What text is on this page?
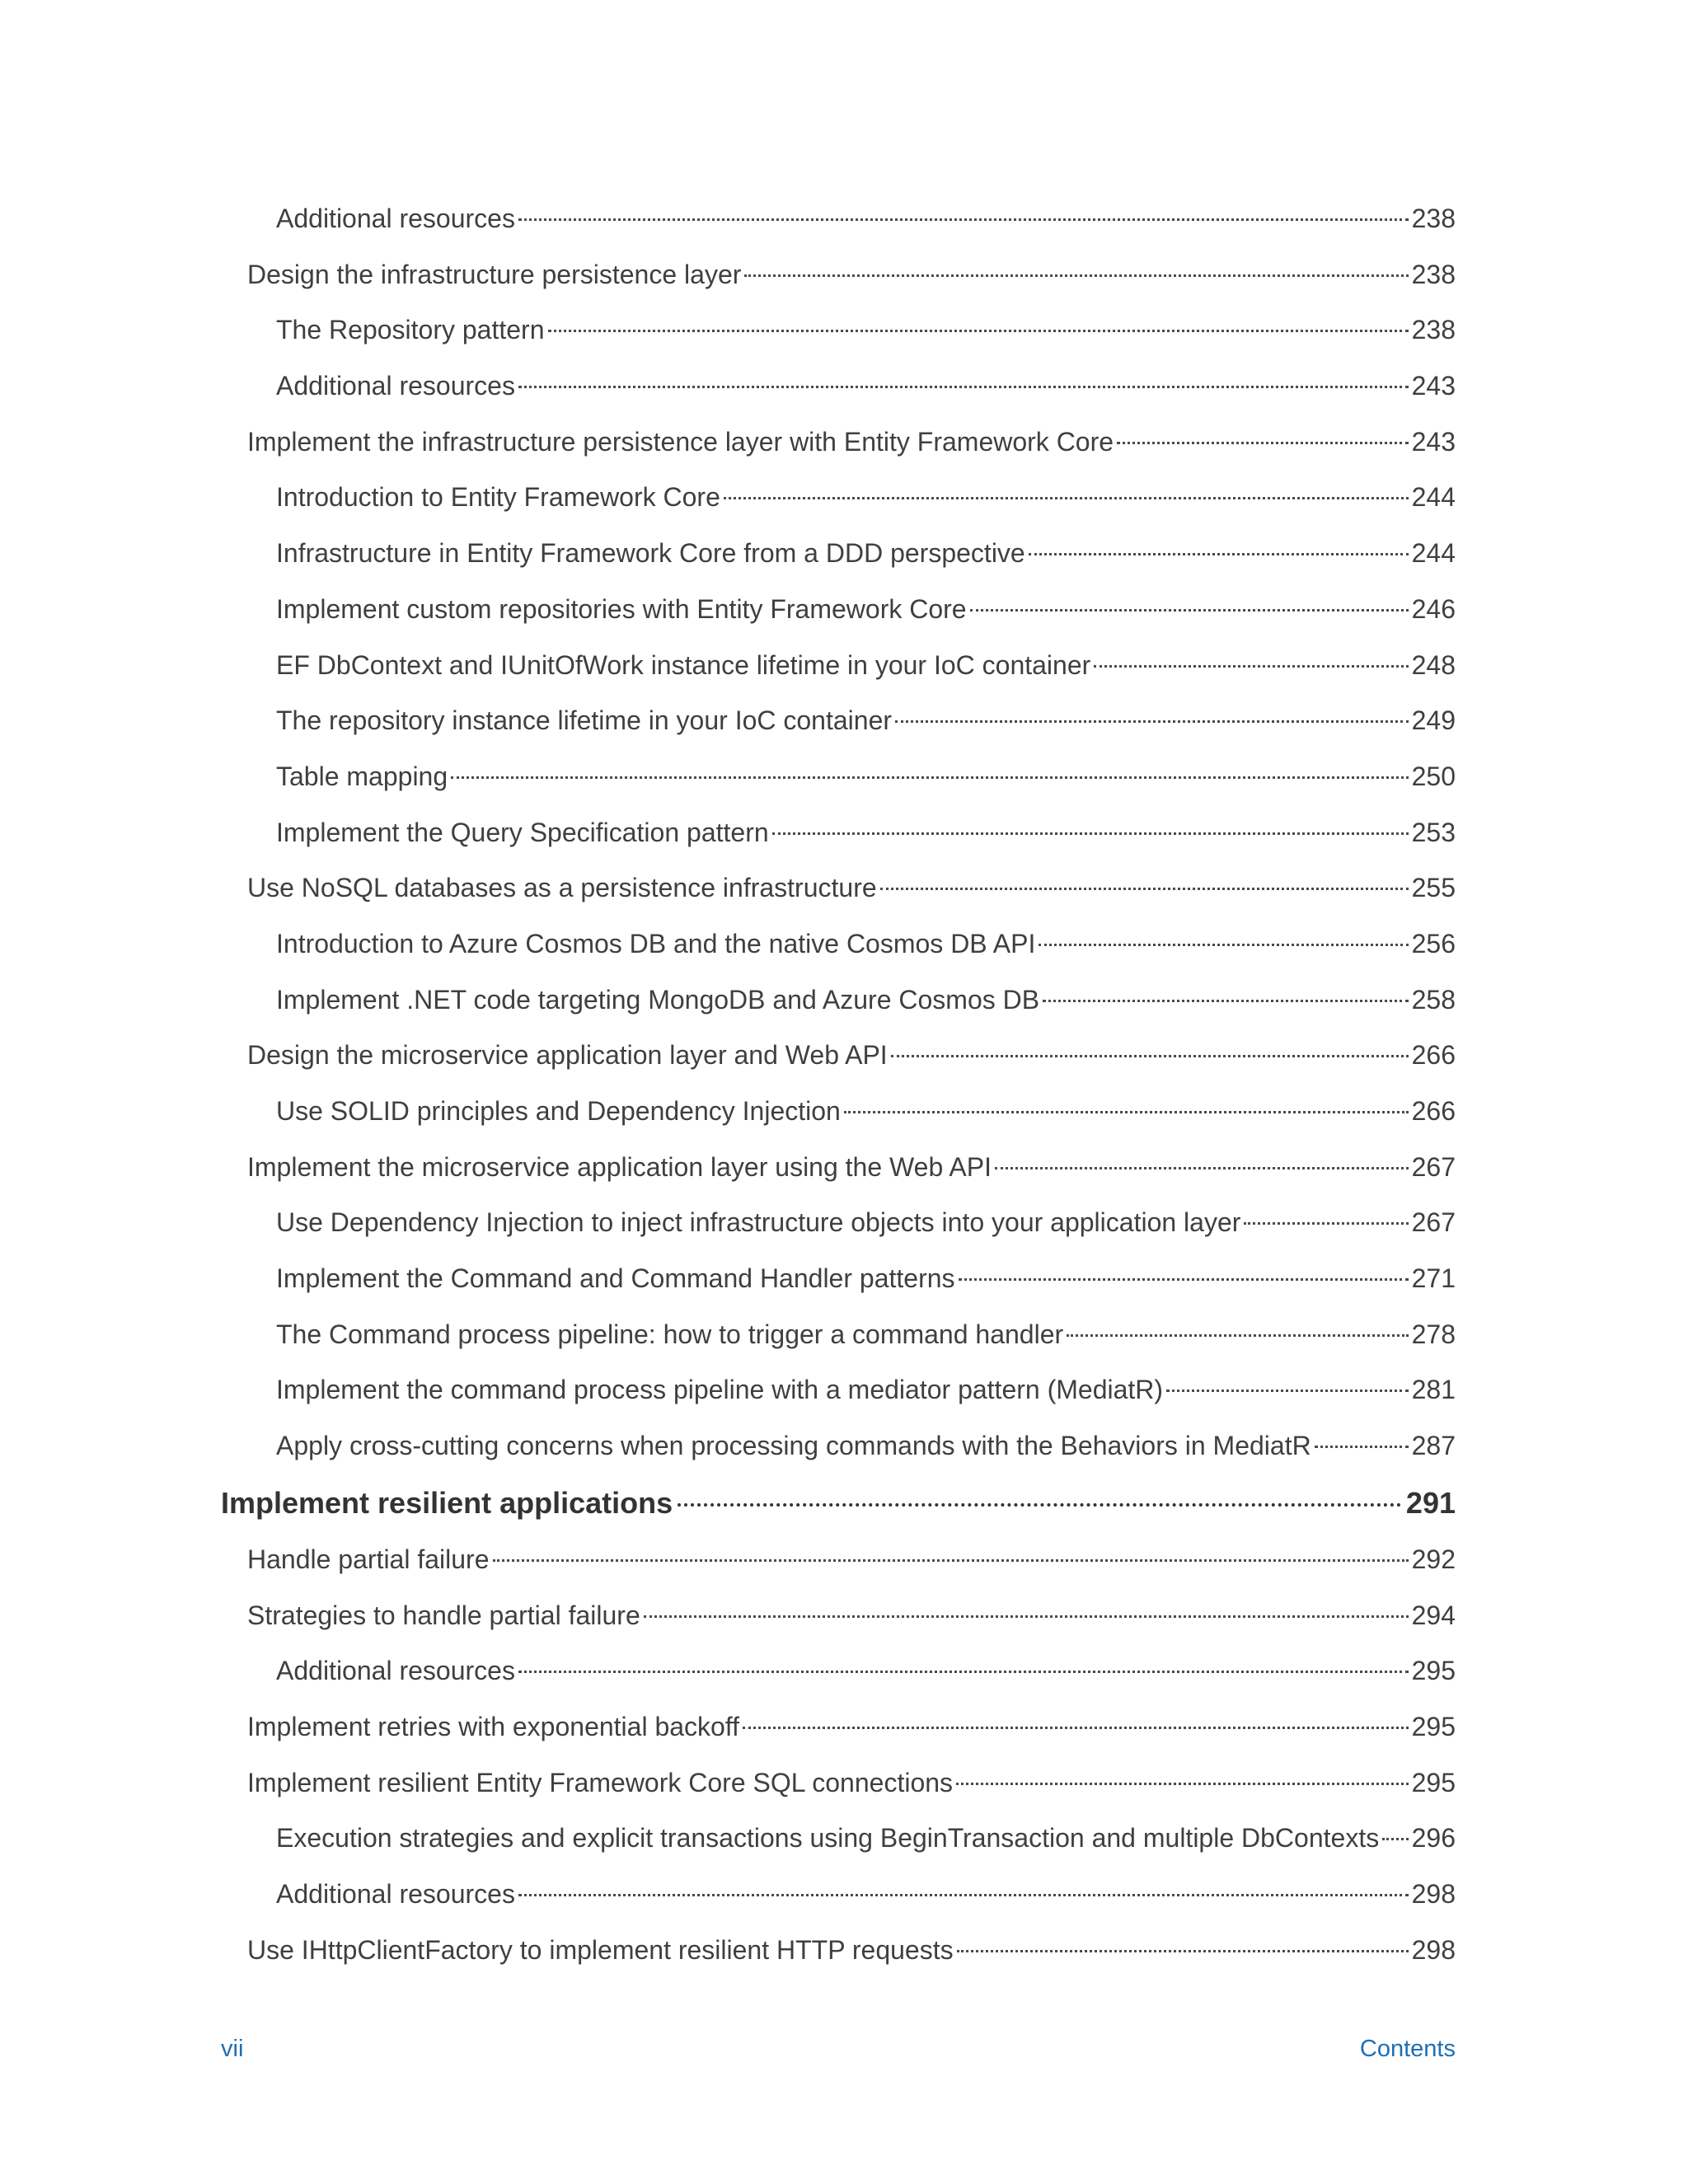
Additional resources	238
Design the infrastructure persistence layer	238
The Repository pattern	238
Additional resources	243
Implement the infrastructure persistence layer with Entity Framework Core	243
Introduction to Entity Framework Core	244
Infrastructure in Entity Framework Core from a DDD perspective	244
Implement custom repositories with Entity Framework Core	246
EF DbContext and IUnitOfWork instance lifetime in your IoC container	248
The repository instance lifetime in your IoC container	249
Table mapping	250
Implement the Query Specification pattern	253
Use NoSQL databases as a persistence infrastructure	255
Introduction to Azure Cosmos DB and the native Cosmos DB API	256
Implement .NET code targeting MongoDB and Azure Cosmos DB	258
Design the microservice application layer and Web API	266
Use SOLID principles and Dependency Injection	266
Implement the microservice application layer using the Web API	267
Use Dependency Injection to inject infrastructure objects into your application layer	267
Implement the Command and Command Handler patterns	271
The Command process pipeline: how to trigger a command handler	278
Implement the command process pipeline with a mediator pattern (MediatR)	281
Apply cross-cutting concerns when processing commands with the Behaviors in MediatR	287
Implement resilient applications	291
Handle partial failure	292
Strategies to handle partial failure	294
Additional resources	295
Implement retries with exponential backoff	295
Implement resilient Entity Framework Core SQL connections	295
Execution strategies and explicit transactions using BeginTransaction and multiple DbContexts 296
Additional resources	298
Use IHttpClientFactory to implement resilient HTTP requests	298
vii	Contents
